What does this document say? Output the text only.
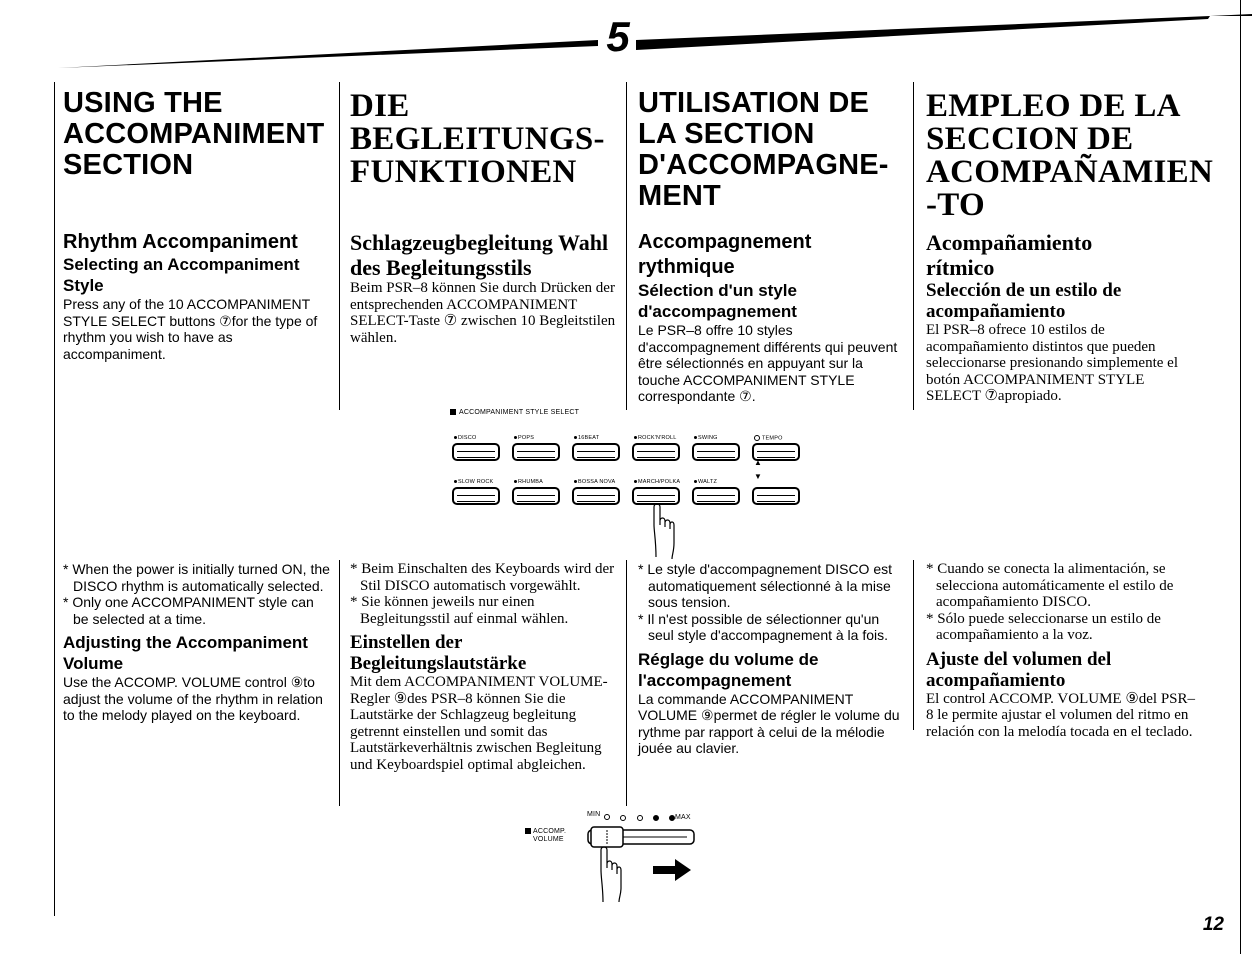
5
USING THE ACCOMPANIMENT SECTION
Rhythm Accompaniment
Selecting an Accompaniment Style

Press any of the 10 ACCOMPANIMENT STYLE SELECT buttons ⑦for the type of rhythm you wish to have as accompaniment.

* When the power is initially turned ON, the DISCO rhythm is automatically selected.

* Only one ACCOMPANIMENT style can be selected at a time.

Adjusting the Accompaniment Volume

Use the ACCOMP. VOLUME control ⑨to adjust the volume of the rhythm in relation to the melody played on the keyboard.

DIE BEGLEITUNGS-FUNKTIONEN
Schlagzeugbegleitung Wahl des Begleitungsstils

Beim PSR–8 können Sie durch Drücken der entsprechenden ACCOMPANIMENT SELECT-Taste ⑦ zwischen 10 Begleitstilen wählen.

* Beim Einschalten des Keyboards wird der Stil DISCO automatisch vorgewählt.

* Sie können jeweils nur einen Begleitungsstil auf einmal wählen.

Einstellen der Begleitungslautstärke

Mit dem ACCOMPANIMENT VOLUME-Regler ⑨des PSR–8 können Sie die Lautstärke der Schlagzeug begleitung getrennt einstellen und somit das Lautstärkeverhältnis zwischen Begleitung und Keyboardspiel optimal abgleichen.

UTILISATION DE LA SECTION D'ACCOMPAGNE-MENT
Accompagnement rythmique
Sélection d'un style d'accompagnement

Le PSR–8 offre 10 styles d'accompagnement différents qui peuvent être sélectionnés en appuyant sur la touche ACCOMPANIMENT STYLE correspondante ⑦.

* Le style d'accompagnement DISCO est automatiquement sélectionné à la mise sous tension.

* Il n'est possible de sélectionner qu'un seul style d'accompagnement à la fois.

Réglage du volume de l'accompagnement

La commande ACCOMPANIMENT VOLUME ⑨permet de régler le volume du rythme par rapport à celui de la mélodie jouée au clavier.

EMPLEO DE LA SECCION DE ACOMPAÑAMIEN -TO
Acompañamiento rítmico
Selección de un estilo de acompañamiento

El PSR–8 ofrece 10 estilos de acompañamiento distintos que pueden seleccionarse presionando simplemente el botón ACCOMPANIMENT STYLE SELECT ⑦apropiado.

* Cuando se conecta la alimentación, se selecciona automáticamente el estilo de acompañamiento DISCO.

* Sólo puede seleccionarse un estilo de acompañamiento a la voz.

Ajuste del volumen del acompañamiento

El control ACCOMP. VOLUME ⑨del PSR–8 le permite ajustar el volumen del ritmo en relación con la melodía tocada en el teclado.

ACCOMPANIMENT STYLE SELECT
DISCO	POPS	16BEAT	ROCK'N'ROLL	SWING	TEMPO
SLOW ROCK	RHUMBA	BOSSA NOVA	MARCH/POLKA	WALTZ
▲
▼
ACCOMP.
VOLUME
MIN	MAX
12
